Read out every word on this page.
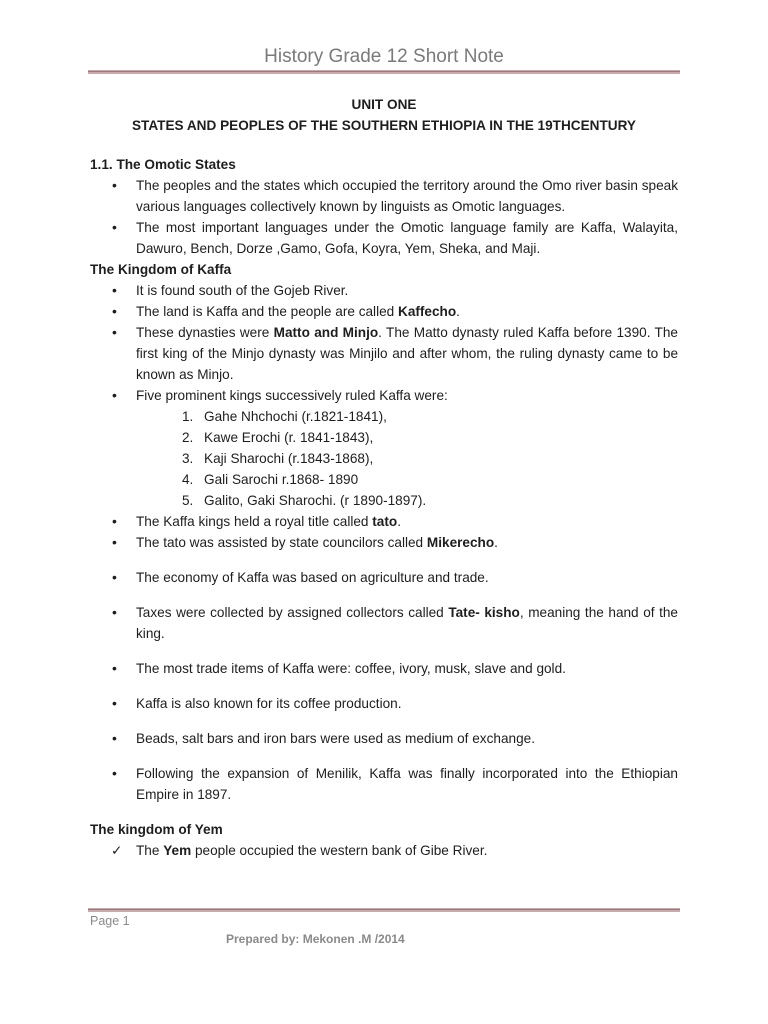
History Grade 12 Short Note
UNIT ONE
STATES AND PEOPLES OF THE SOUTHERN ETHIOPIA IN THE 19THCENTURY
1.1. The Omotic States
• The peoples and the states which occupied the territory around the Omo river basin speak various languages collectively known by linguists as Omotic languages.
• The most important languages under the Omotic language family are Kaffa, Walayita, Dawuro, Bench, Dorze ,Gamo, Gofa, Koyra, Yem, Sheka, and Maji.
The Kingdom of Kaffa
• It is found south of the Gojeb River.
• The land is Kaffa and the people are called Kaffecho.
• These dynasties were Matto and Minjo. The Matto dynasty ruled Kaffa before 1390. The first king of the Minjo dynasty was Minjilo and after whom, the ruling dynasty came to be known as Minjo.
• Five prominent kings successively ruled Kaffa were:
1. Gahe Nhchochi (r.1821-1841),
2. Kawe Erochi (r. 1841-1843),
3. Kaji Sharochi (r.1843-1868),
4. Gali Sarochi r.1868- 1890
5. Galito, Gaki Sharochi. (r 1890-1897).
• The Kaffa kings held a royal title called tato.
• The tato was assisted by state councilors called Mikerecho.
• The economy of Kaffa was based on agriculture and trade.
• Taxes were collected by assigned collectors called Tate- kisho, meaning the hand of the king.
• The most trade items of Kaffa were: coffee, ivory, musk, slave and gold.
• Kaffa is also known for its coffee production.
• Beads, salt bars and iron bars were used as medium of exchange.
• Following the expansion of Menilik, Kaffa was finally incorporated into the Ethiopian Empire in 1897.
The kingdom of Yem
✓ The Yem people occupied the western bank of Gibe River.
Page 1
Prepared by: Mekonen .M /2014
